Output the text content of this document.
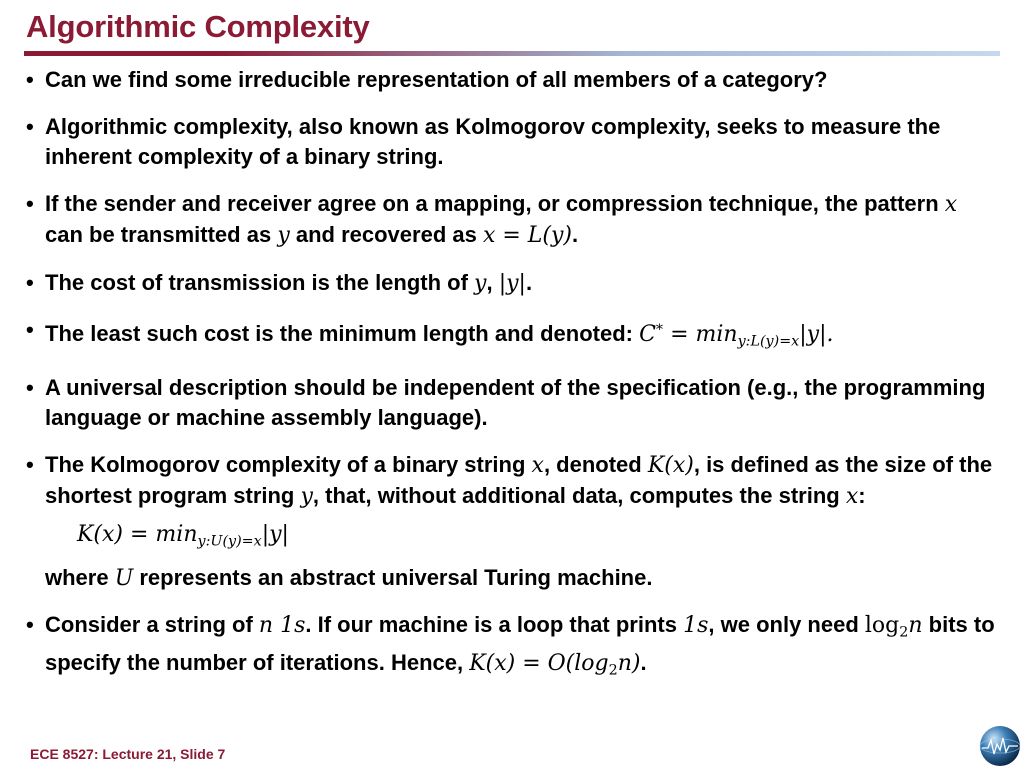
Algorithmic Complexity
• Can we find some irreducible representation of all members of a category?
• Algorithmic complexity, also known as Kolmogorov complexity, seeks to measure the inherent complexity of a binary string.
• If the sender and receiver agree on a mapping, or compression technique, the pattern x can be transmitted as y and recovered as x = L(y).
• The cost of transmission is the length of y, |y|.
• The least such cost is the minimum length and denoted: $C^* = \min_{y:L(y)=x}|y|$.
• A universal description should be independent of the specification (e.g., the programming language or machine assembly language).
• The Kolmogorov complexity of a binary string x, denoted K(x), is defined as the size of the shortest program string y, that, without additional data, computes the string x:
$K(x) = \min_{y:U(y)=x}|y|$
where U represents an abstract universal Turing machine.
• Consider a string of n 1s. If our machine is a loop that prints 1s, we only need $\log_2n$ bits to specify the number of iterations. Hence, $K(x) = O(\log_2n)$.
ECE 8527: Lecture 21, Slide 7
